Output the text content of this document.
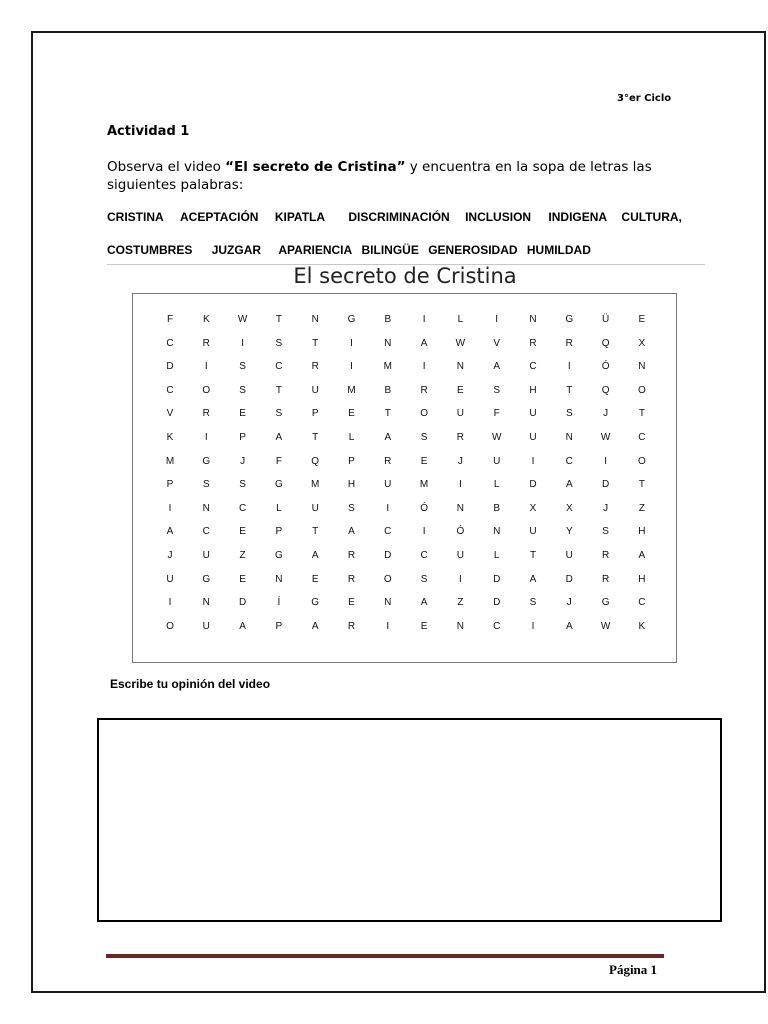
3°er Ciclo
Actividad 1
Observa el video “El secreto de Cristina” y encuentra en la sopa de letras las siguientes palabras:
CRISTINA ACEPTACIÓN KIPATLA DISCRIMINACIÓN INCLUSION INDIGENA CULTURA,
COSTUMBRES JUZGAR APARIENCIA BILINGÜE GENEROSIDAD HUMILDAD
El secreto de Cristina
F	K	W	T	N	G	B	I	L	I	N	G	Ü	E
C	R	I	S	T	I	N	A	W	V	R	R	Q	X
D	I	S	C	R	I	M	I	N	A	C	I	Ó	N
C	O	S	T	U	M	B	R	E	S	H	T	Q	O
V	R	E	S	P	E	T	O	U	F	U	S	J	T
K	I	P	A	T	L	A	S	R	W	U	N	W	C
M	G	J	F	Q	P	R	E	J	U	I	C	I	O
P	S	S	G	M	H	U	M	I	L	D	A	D	T
I	N	C	L	U	S	I	Ó	N	B	X	X	J	Z
A	C	E	P	T	A	C	I	Ó	N	U	Y	S	H
J	U	Z	G	A	R	D	C	U	L	T	U	R	A
U	G	E	N	E	R	O	S	I	D	A	D	R	H
I	N	D	Í	G	E	N	A	Z	D	S	J	G	C
O	U	A	P	A	R	I	E	N	C	I	A	W	K
Escribe tu opinión del video
Página 1
